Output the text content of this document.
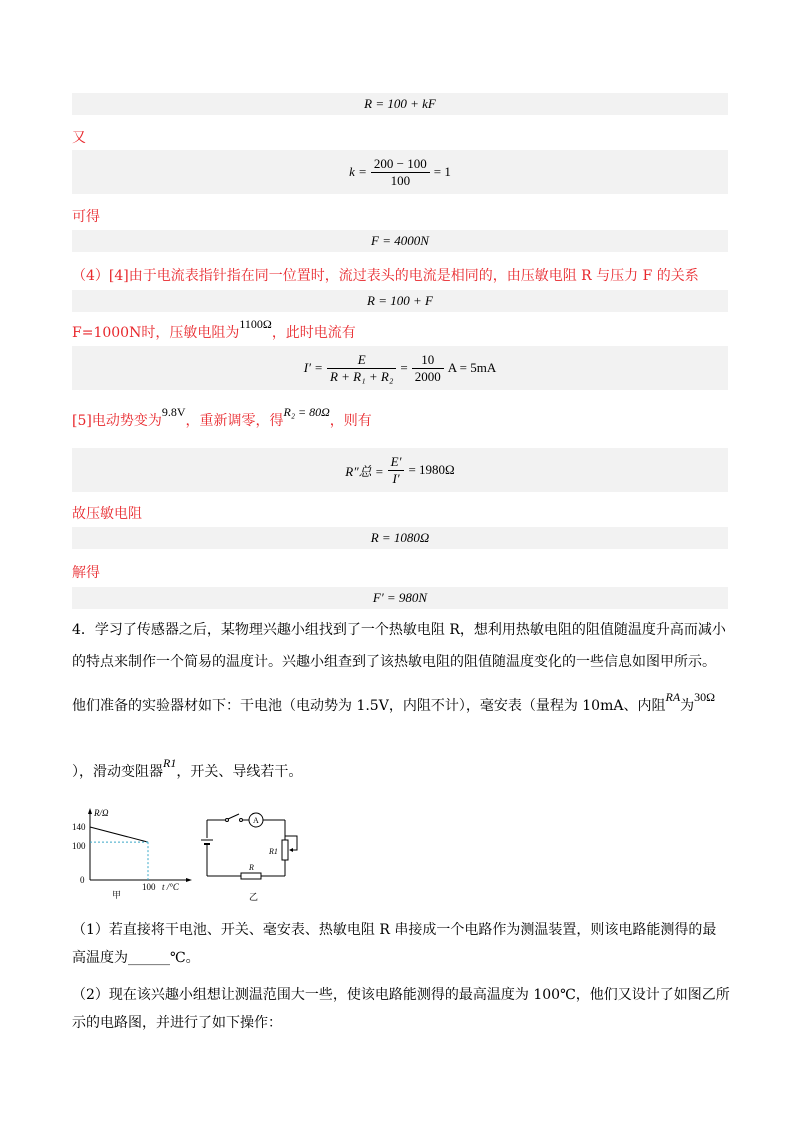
R = 100 + kF
又
$k = \frac{200 - 100}{100} = 1$
可得
F = 4000N
（4）[4]由于电流表指针指在同一位置时，流过表头的电流是相同的，由压敏电阻 R 与压力 F 的关系
R = 100 + F
F=1000N时，压敏电阻为1100Ω，此时电流有
$I' = \frac{E}{\text{R + R₁ + R₂}} = \frac{10}{2000}$ A = 5mA
[5]电动势变为9.8V，重新调零，得R₂ = 80Ω，则有
R″总 = $\frac{E'}{I'} = 1980\Omega$
故压敏电阻
R = 1080Ω
解得
F′ = 980N
4．学习了传感器之后，某物理兴趣小组找到了一个热敏电阻 R，想利用热敏电阻的阻值随温度升高而减小
的特点来制作一个简易的温度计。兴趣小组查到了该热敏电阻的阻值随温度变化的一些信息如图甲所示。
他们准备的实验器材如下：干电池（电动势为 1.5V，内阻不计），毫安表（量程为 10mA、内阻RA为30Ω
），滑动变阻器R1，开关、导线若干。
R/Ω
140
100
0
100 t /°C
甲
A
R
R1
乙
（1）若直接将干电池、开关、毫安表、热敏电阻 R 串接成一个电路作为测温装置，则该电路能测得的最
高温度为______℃。
（2）现在该兴趣小组想让测温范围大一些，使该电路能测得的最高温度为 100℃，他们又设计了如图乙所
示的电路图，并进行了如下操作：
